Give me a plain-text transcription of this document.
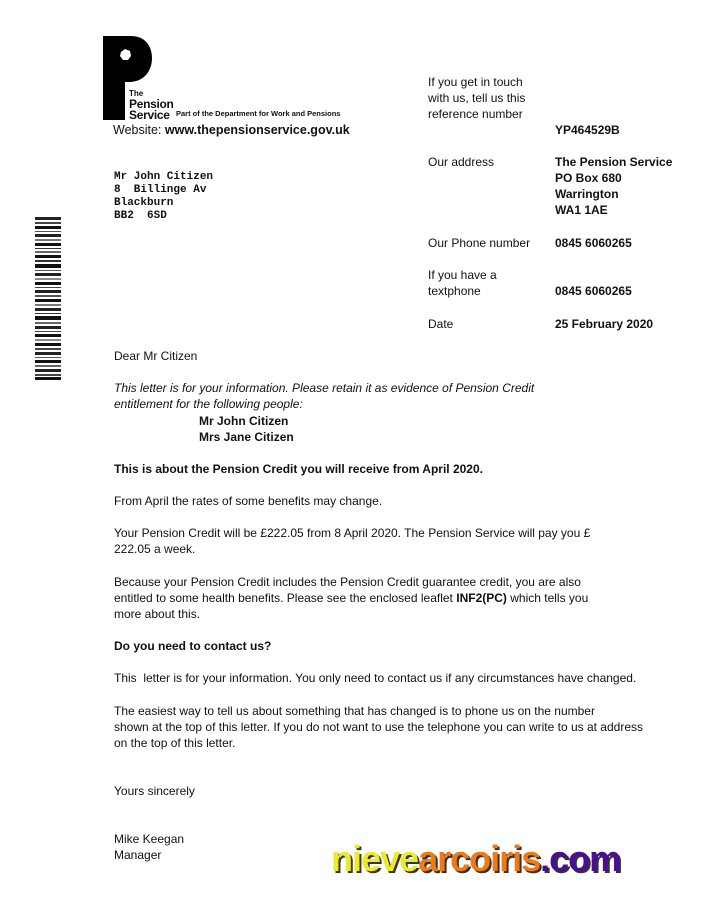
The
Pension
Service Part of the Department for Work and Pensions
Website: www.thepensionservice.gov.uk
Mr John Citizen
8  Billinge Av
Blackburn
BB2  6SD
If you get in touch
with us, tell us this
reference number
YP464529B
Our address	The Pension Service
PO Box 680
Warrington
WA1 1AE
Our Phone number 0845 6060265
If you have a
textphone	0845 6060265
Date	25 February 2020
Dear Mr Citizen
This letter is for your information. Please retain it as evidence of Pension Credit
entitlement for the following people:
Mr John Citizen
Mrs Jane Citizen
This is about the Pension Credit you will receive from April 2020.
From April the rates of some benefits may change.
Your Pension Credit will be £222.05 from 8 April 2020. The Pension Service will pay you £
222.05 a week.
Because your Pension Credit includes the Pension Credit guarantee credit, you are also
entitled to some health benefits. Please see the enclosed leaflet INF2(PC) which tells you
more about this.
Do you need to contact us?
This  letter is for your information. You only need to contact us if any circumstances have changed.
The easiest way to tell us about something that has changed is to phone us on the number
shown at the top of this letter. If you do not want to use the telephone you can write to us at address
on the top of this letter.
Yours sincerely
Mike Keegan
Manager	nievearcoiris.com
